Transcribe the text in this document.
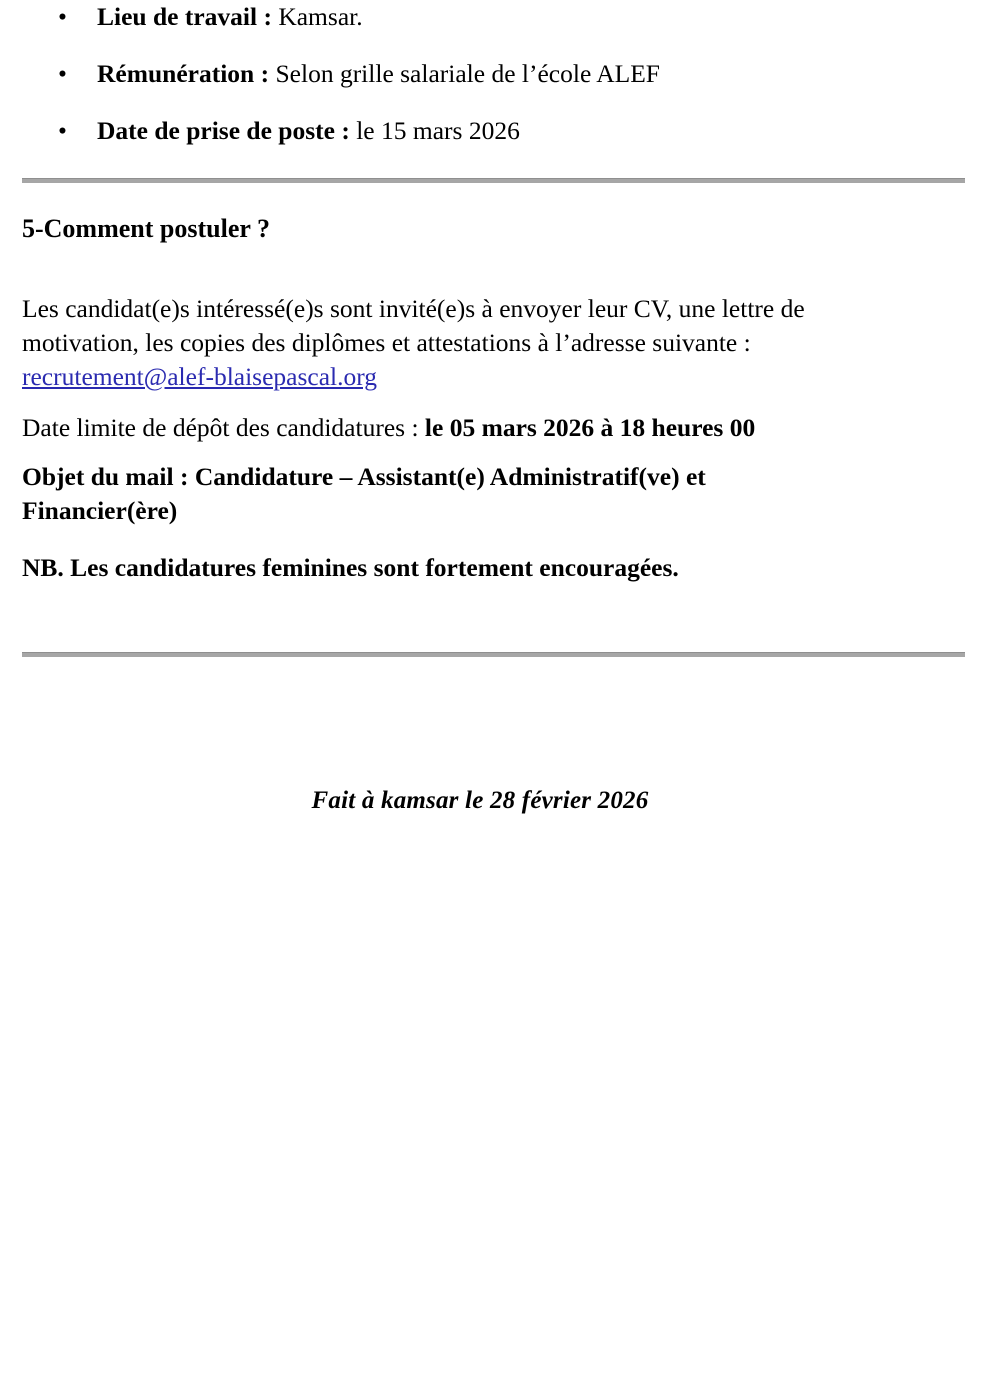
• Lieu de travail : Kamsar.
• Rémunération : Selon grille salariale de l’école ALEF
• Date de prise de poste : le 15 mars 2026
5-Comment postuler ?

Les candidat(e)s intéressé(e)s sont invité(e)s à envoyer leur CV, une lettre de motivation, les copies des diplômes et attestations à l’adresse suivante : recrutement@alef-blaisepascal.org

Date limite de dépôt des candidatures : le 05 mars 2026 à 18 heures 00

Objet du mail : Candidature – Assistant(e) Administratif(ve) et Financier(ère)

NB. Les candidatures feminines sont fortement encouragées.

Fait à kamsar le 28 février 2026
